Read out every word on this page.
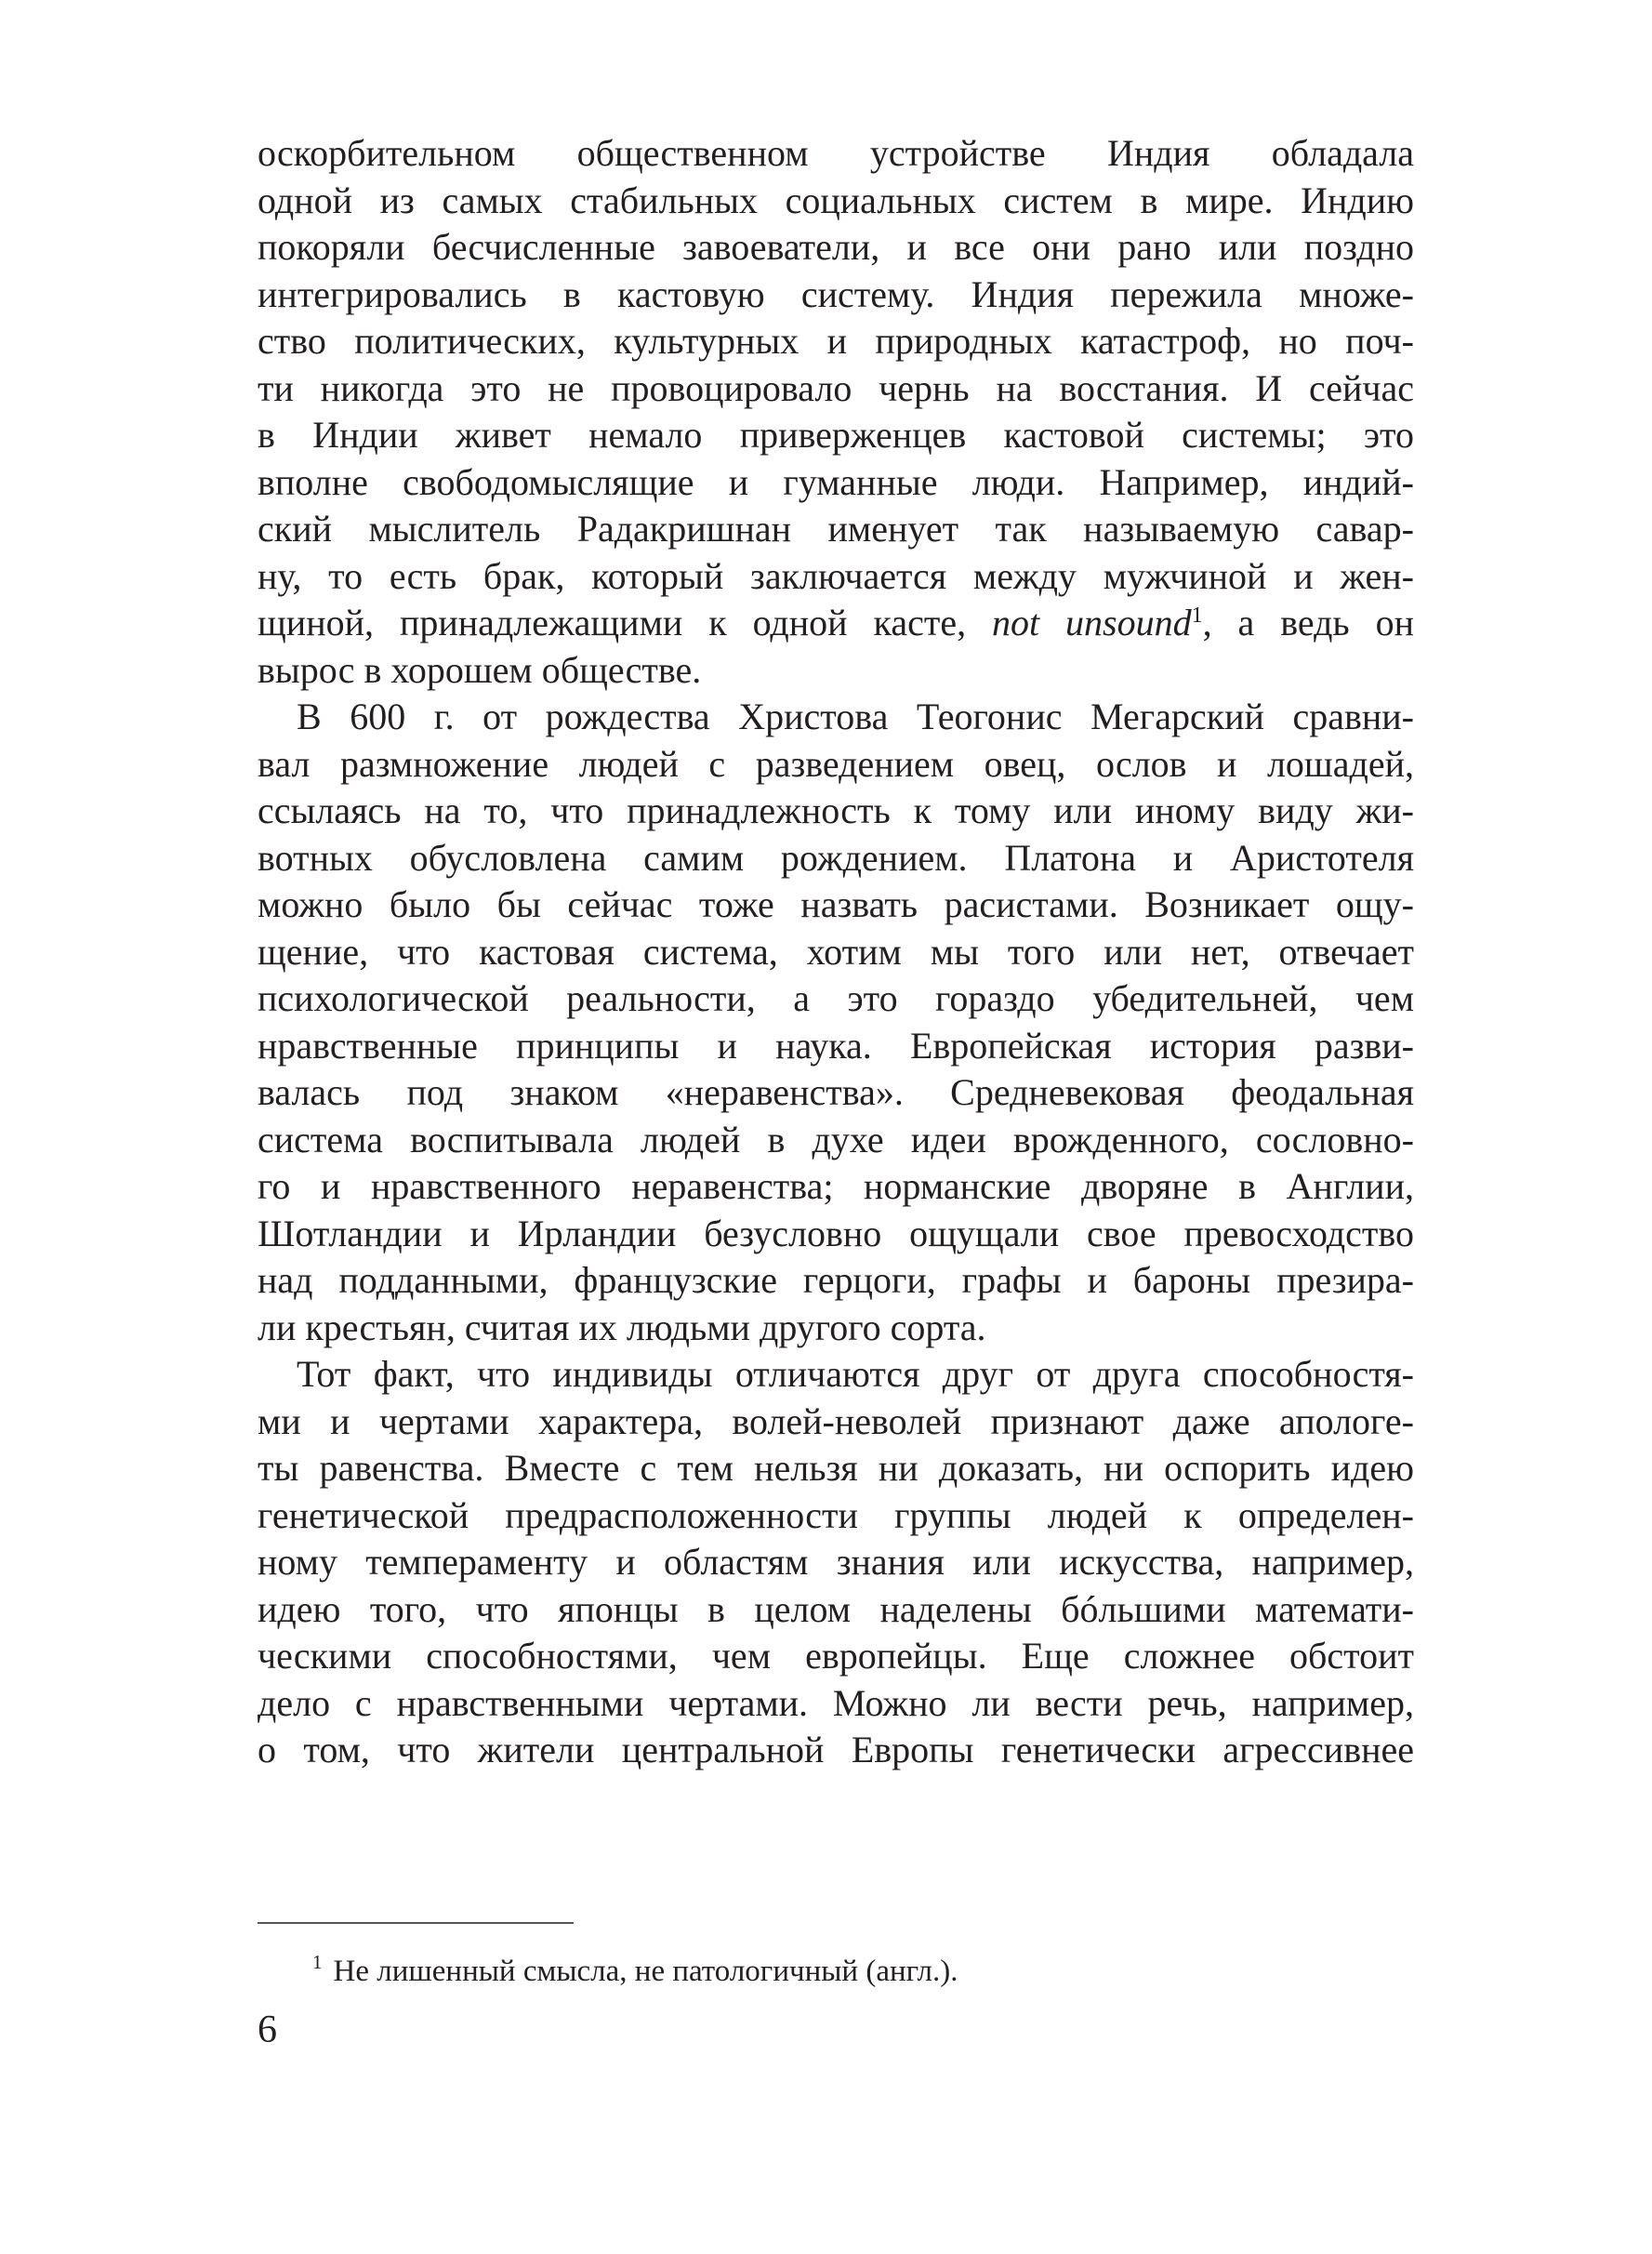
оскорбительном общественном устройстве Индия обладала
одной из самых стабильных социальных систем в мире. Индию
покоряли бесчисленные завоеватели, и все они рано или поздно
интегрировались в кастовую систему. Индия пережила множе-
ство политических, культурных и природных катастроф, но поч-
ти никогда это не провоцировало чернь на восстания. И сейчас
в Индии живет немало приверженцев кастовой системы; это
вполне свободомыслящие и гуманные люди. Например, индий-
ский мыслитель Радакришнан именует так называемую савар-
ну, то есть брак, который заключается между мужчиной и жен-
щиной, принадлежащими к одной касте, not unsound$^1$, а ведь он
вырос в хорошем обществе.
В 600 г. от рождества Христова Теогонис Мегарский сравни-
вал размножение людей с разведением овец, ослов и лошадей,
ссылаясь на то, что принадлежность к тому или иному виду жи-
вотных обусловлена самим рождением. Платона и Аристотеля
можно было бы сейчас тоже назвать расистами. Возникает ощу-
щение, что кастовая система, хотим мы того или нет, отвечает
психологической реальности, а это гораздо убедительней, чем
нравственные принципы и наука. Европейская история разви-
валась под знаком «неравенства». Средневековая феодальная
система воспитывала людей в духе идеи врожденного, сословно-
го и нравственного неравенства; норманские дворяне в Англии,
Шотландии и Ирландии безусловно ощущали свое превосходство
над подданными, французские герцоги, графы и бароны презира-
ли крестьян, считая их людьми другого сорта.
Тот факт, что индивиды отличаются друг от друга способностя-
ми и чертами характера, волей-неволей признают даже апологе-
ты равенства. Вместе с тем нельзя ни доказать, ни оспорить идею
генетической предрасположенности группы людей к определен-
ному темпераменту и областям знания или искусства, например,
идею того, что японцы в целом наделены бóльшими математи-
ческими способностями, чем европейцы. Еще сложнее обстоит
дело с нравственными чертами. Можно ли вести речь, например,
о том, что жители центральной Европы генетически агрессивнее
$^1$ Не лишенный смысла, не патологичный (англ.).
6
